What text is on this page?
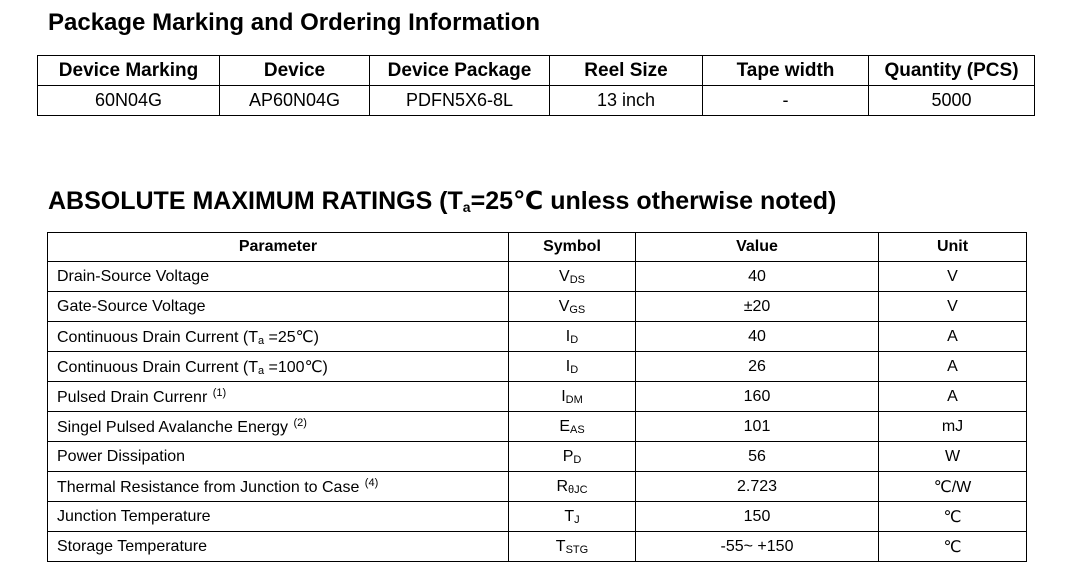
Package Marking and Ordering Information
Device Marking	Device	Device Package	Reel Size	Tape width	Quantity (PCS)
60N04G	AP60N04G	PDFN5X6-8L	13 inch	-	5000
ABSOLUTE MAXIMUM RATINGS ($T_a=25℃$ unless otherwise noted)
Parameter	Symbol	Value	Unit
Drain-Source Voltage	VDS	40	V
Gate-Source Voltage	VGS	±20	V
Continuous Drain Current (Ta =25℃)	ID	40	A
Continuous Drain Current (Ta =100℃)	ID	26	A
Pulsed Drain Currenr $^{(1)}$	IDM	160	A
Singel Pulsed Avalanche Energy $^{(2)}$	EAS	101	mJ
Power Dissipation	PD	56	W
Thermal Resistance from Junction to Case $^{(4)}$	RθJC	2.723	℃/W
Junction Temperature	TJ	150	℃
Storage Temperature	TSTG	-55~ +150	℃
